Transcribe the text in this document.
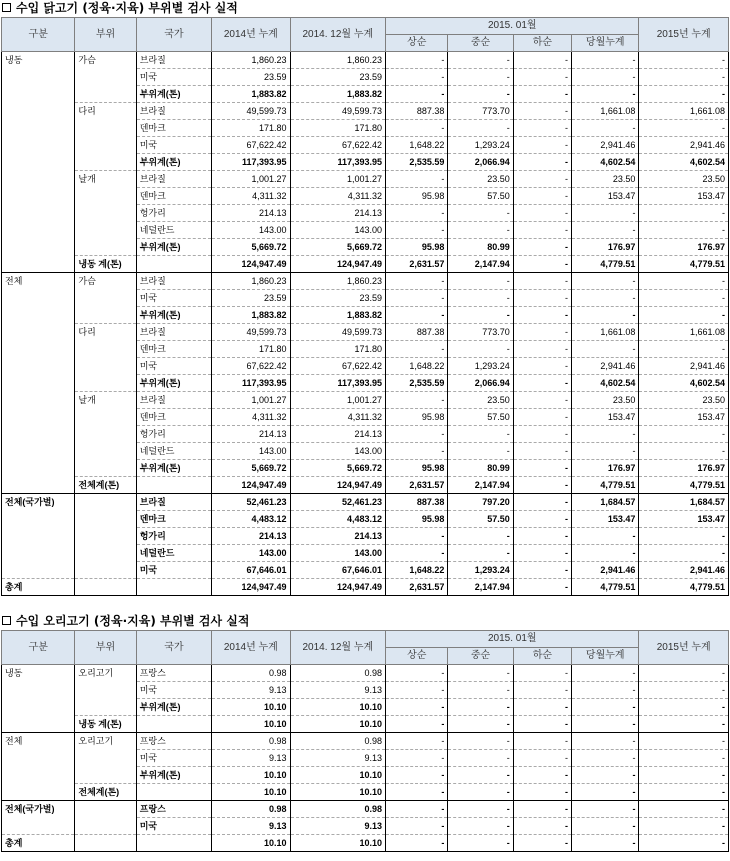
수입 닭고기 (정육·지육) 부위별 검사 실적
구분	부위	국가	2014년 누계	2014. 12월 누계	2015. 01월				2015년 누계
					상순	중순	하순	당월누계	
냉동	가슴	브라질	1,860.23	1,860.23	-	-	-	-	-
		미국	23.59	23.59	-	-	-	-	-
		부위계(톤)	1,883.82	1,883.82	-	-	-	-	-
	다리	브라질	49,599.73	49,599.73	887.38	773.70	-	1,661.08	1,661.08
		덴마크	171.80	171.80	-	-	-	-	-
		미국	67,622.42	67,622.42	1,648.22	1,293.24	-	2,941.46	2,941.46
		부위계(톤)	117,393.95	117,393.95	2,535.59	2,066.94	-	4,602.54	4,602.54
	날개	브라질	1,001.27	1,001.27	-	23.50	-	23.50	23.50
		덴마크	4,311.32	4,311.32	95.98	57.50	-	153.47	153.47
		헝가리	214.13	214.13	-	-	-	-	-
		네덜란드	143.00	143.00	-	-	-	-	-
		부위계(톤)	5,669.72	5,669.72	95.98	80.99	-	176.97	176.97
	냉동 계(톤)		124,947.49	124,947.49	2,631.57	2,147.94	-	4,779.51	4,779.51
전체	가슴	브라질	1,860.23	1,860.23	-	-	-	-	-
		미국	23.59	23.59	-	-	-	-	-
		부위계(톤)	1,883.82	1,883.82	-	-	-	-	-
	다리	브라질	49,599.73	49,599.73	887.38	773.70	-	1,661.08	1,661.08
		덴마크	171.80	171.80	-	-	-	-	-
		미국	67,622.42	67,622.42	1,648.22	1,293.24	-	2,941.46	2,941.46
		부위계(톤)	117,393.95	117,393.95	2,535.59	2,066.94	-	4,602.54	4,602.54
	날개	브라질	1,001.27	1,001.27	-	23.50	-	23.50	23.50
		덴마크	4,311.32	4,311.32	95.98	57.50	-	153.47	153.47
		헝가리	214.13	214.13	-	-	-	-	-
		네덜란드	143.00	143.00	-	-	-	-	-
		부위계(톤)	5,669.72	5,669.72	95.98	80.99	-	176.97	176.97
	전체계(톤)		124,947.49	124,947.49	2,631.57	2,147.94	-	4,779.51	4,779.51
전체(국가별)		브라질	52,461.23	52,461.23	887.38	797.20	-	1,684.57	1,684.57
		덴마크	4,483.12	4,483.12	95.98	57.50	-	153.47	153.47
		헝가리	214.13	214.13	-	-	-	-	-
		네덜란드	143.00	143.00	-	-	-	-	-
		미국	67,646.01	67,646.01	1,648.22	1,293.24	-	2,941.46	2,941.46
총계			124,947.49	124,947.49	2,631.57	2,147.94	-	4,779.51	4,779.51
수입 오리고기 (정육·지육) 부위별 검사 실적
구분	부위	국가	2014년 누계	2014. 12월 누계	2015. 01월				2015년 누계
					상순	중순	하순	당월누계	
냉동	오리고기	프랑스	0.98	0.98	-	-	-	-	-
		미국	9.13	9.13	-	-	-	-	-
		부위계(톤)	10.10	10.10	-	-	-	-	-
	냉동 계(톤)		10.10	10.10	-	-	-	-	-
전체	오리고기	프랑스	0.98	0.98	-	-	-	-	-
		미국	9.13	9.13	-	-	-	-	-
		부위계(톤)	10.10	10.10	-	-	-	-	-
	전체계(톤)		10.10	10.10	-	-	-	-	-
전체(국가별)		프랑스	0.98	0.98	-	-	-	-	-
		미국	9.13	9.13	-	-	-	-	-
총계			10.10	10.10	-	-	-	-	-
